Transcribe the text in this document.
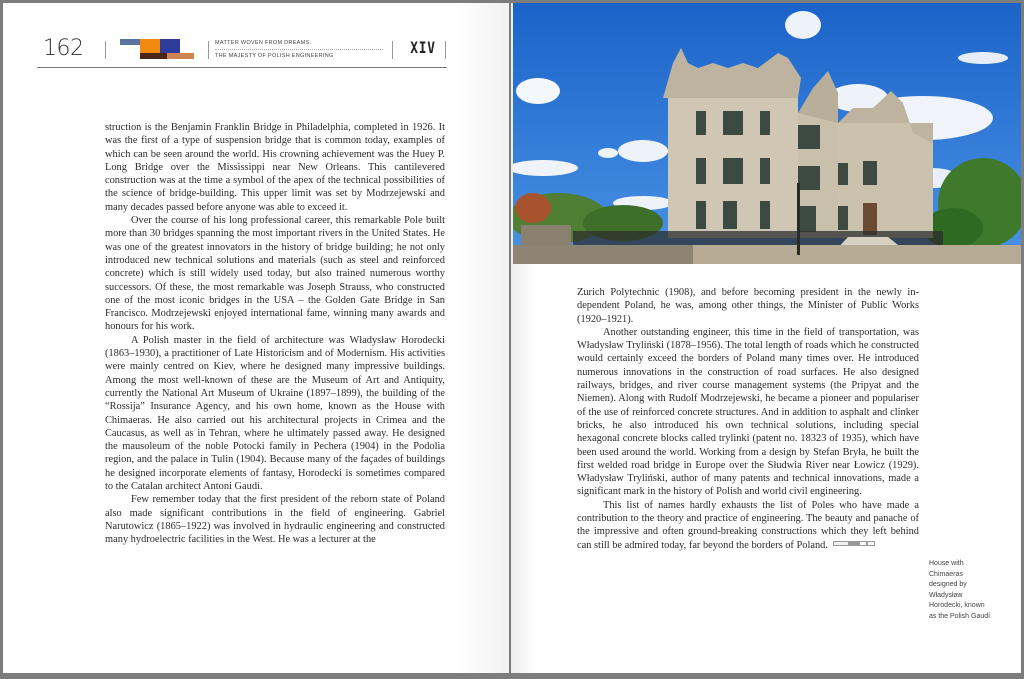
162	MATTER WOVEN FROM DREAMS.
THE MAJESTY OF POLISH ENGINEERING	XIV

struction is the Benjamin Franklin Bridge in Philadelphia, completed in 1926. It was the first of a type of suspension bridge that is common today, examples of which can be seen around the world. His crowning achievement was the Huey P. Long Bridge over the Mississippi near New Orleans. This cantilevered construction was at the time a symbol of the apex of the technical possibilities of the science of bridge-building. This upper limit was set by Modrzejewski and many decades passed before anyone was able to exceed it.

Over the course of his long professional career, this remarkable Pole built more than 30 bridges spanning the most important rivers in the United States. He was one of the greatest innovators in the history of bridge building; he not only introduced new technical solutions and materials (such as steel and reinforced concrete) which is still widely used today, but also trained numerous worthy successors. Of these, the most remarkable was Joseph Strauss, who constructed one of the most iconic bridges in the USA – the Golden Gate Bridge in San Francisco. Modrzejewski enjoyed international fame, winning many awards and honours for his work.

A Polish master in the field of architecture was Władysław Horodecki (1863–1930), a practitioner of Late Historicism and of Modernism. His activities were mainly centred on Kiev, where he designed many impressive buildings. Among the most well-known of these are the Museum of Art and Antiquity, currently the National Art Museum of Ukraine (1897–1899), the building of the “Rossija” Insurance Agency, and his own home, known as the House with Chimaeras. He also carried out his architectural projects in Crimea and the Caucasus, as well as in Tehran, where he ultimately passed away. He designed the mausoleum of the noble Potocki family in Pechera (1904) in the Podolia region, and the palace in Tulin (1904). Because many of the façades of buildings he designed incorporate elements of fantasy, Horodecki is sometimes compared to the Catalan architect Antoni Gaudí.

Few remember today that the first president of the reborn state of Poland also made significant contributions in the field of engineering. Gabriel Narutowicz (1865–1922) was involved in hydraulic engineering and constructed many hydroelectric facilities in the West. He was a lecturer at the

Zurich Polytechnic (1908), and before becoming president in the newly independent Poland, he was, among other things, the Minister of Public Works (1920–1921).

Another outstanding engineer, this time in the field of transportation, was Władysław Tryliński (1878–1956). The total length of roads which he constructed would certainly exceed the borders of Poland many times over. He introduced numerous innovations in the construction of road surfaces. He also designed railways, bridges, and river course management systems (the Pripyat and the Niemen). Along with Rudolf Modrzejewski, he became a pioneer and populariser of the use of reinforced concrete structures. And in addition to asphalt and clinker bricks, he also introduced his own technical solutions, including special hexagonal concrete blocks called trylinki (patent no. 18323 of 1935), which have been used around the world. Working from a design by Stefan Bryła, he built the first welded road bridge in Europe over the Słudwia River near Łowicz (1929). Władysław Tryliński, author of many patents and technical innovations, made a significant mark in the history of Polish and world civil engineering.

This list of names hardly exhausts the list of Poles who have made a contribution to the theory and practice of engineering. The beauty and panache of the impressive and often ground-breaking constructions which they left behind can still be admired today, far beyond the borders of Poland.

House with Chimaeras designed by Władysław Horodecki, known as the Polish Gaudí
